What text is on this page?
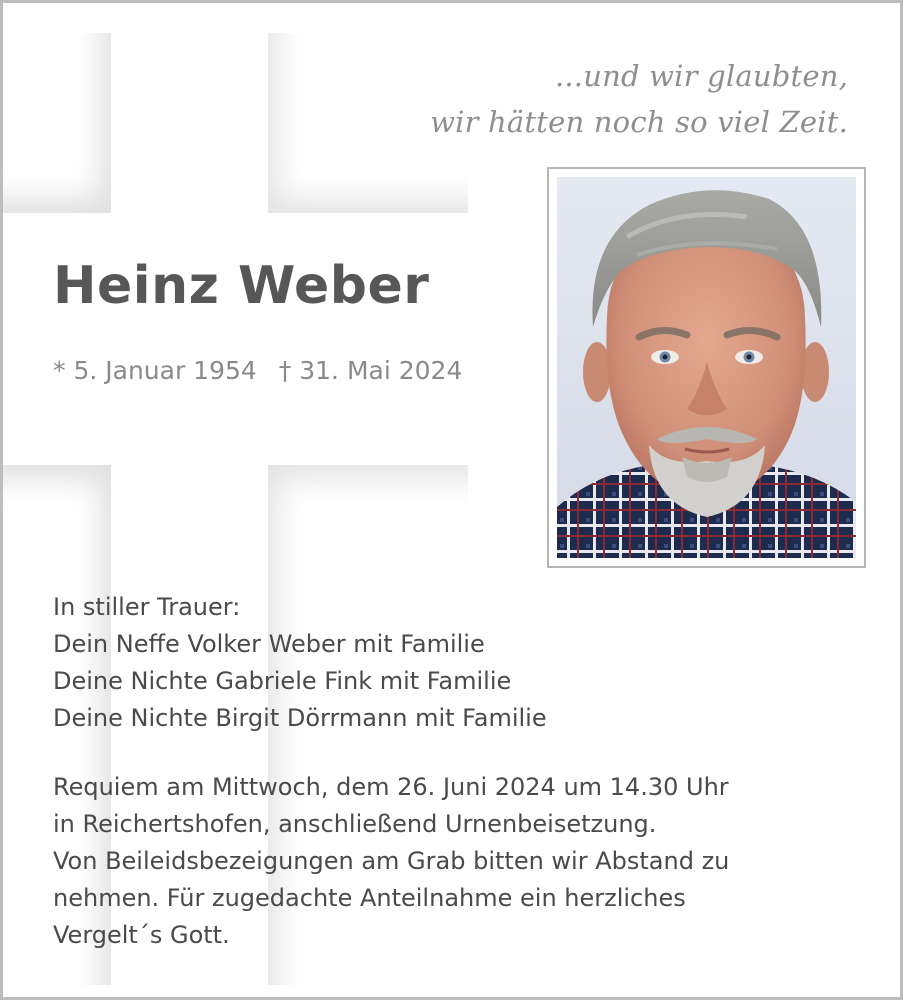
...und wir glaubten,
wir hätten noch so viel Zeit.
Heinz Weber
* 5. Januar 1954 † 31. Mai 2024
In stiller Trauer:
Dein Neffe Volker Weber mit Familie
Deine Nichte Gabriele Fink mit Familie
Deine Nichte Birgit Dörrmann mit Familie
Requiem am Mittwoch, dem 26. Juni 2024 um 14.30 Uhr
in Reichertshofen, anschließend Urnenbeisetzung.
Von Beileidsbezeigungen am Grab bitten wir Abstand zu
nehmen. Für zugedachte Anteilnahme ein herzliches
Vergelt´s Gott.
